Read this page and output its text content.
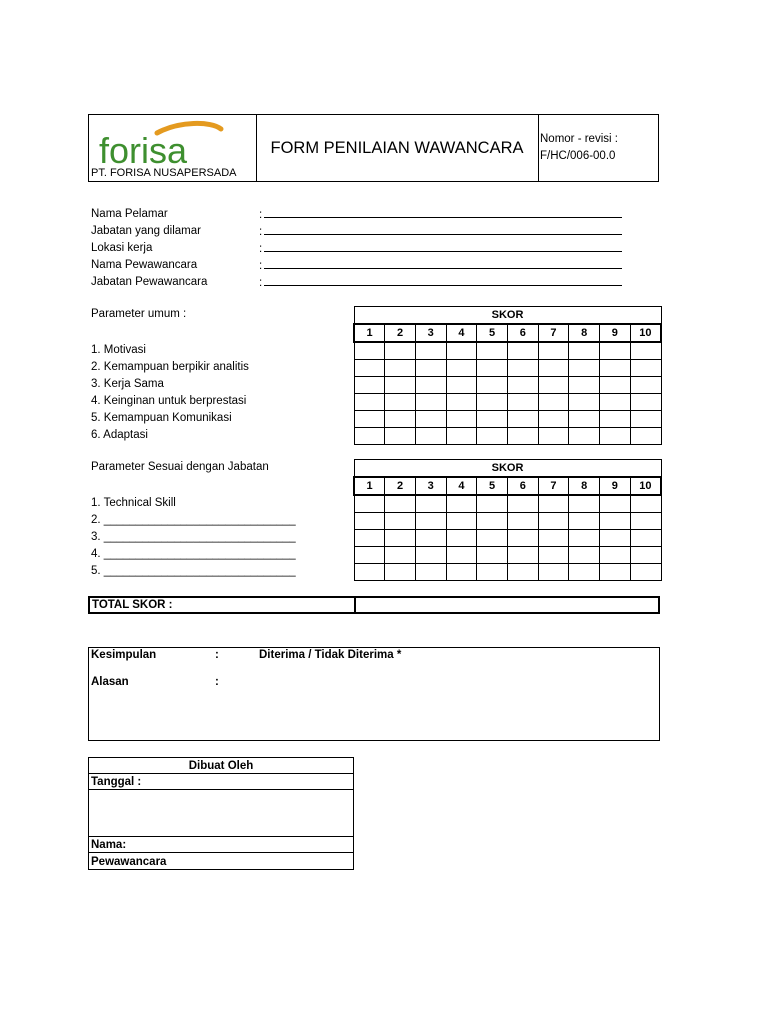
forisa
PT. FORISA NUSAPERSADA
FORM PENILAIAN WAWANCARA	Nomor - revisi :
F/HC/006-00.0
Nama Pelamar	:
Jabatan yang dilamar	:
Lokasi kerja	:
Nama Pewawancara	:
Jabatan Pewawancara	:
Parameter umum :
1. Motivasi
2. Kemampuan berpikir analitis
3. Kerja Sama
4. Keinginan untuk berprestasi
5. Kemampuan Komunikasi
6. Adaptasi
SKOR									
1	2	3	4	5	6	7	8	9	10

Parameter Sesuai dengan Jabatan
1. Technical Skill
2. ______________________________
3. ______________________________
4. ______________________________
5. ______________________________
SKOR									
1	2	3	4	5	6	7	8	9	10

TOTAL SKOR :
Kesimpulan	:	Diterima / Tidak Diterima *
Alasan	:
Dibuat Oleh
Tanggal :
Nama:
Pewawancara
